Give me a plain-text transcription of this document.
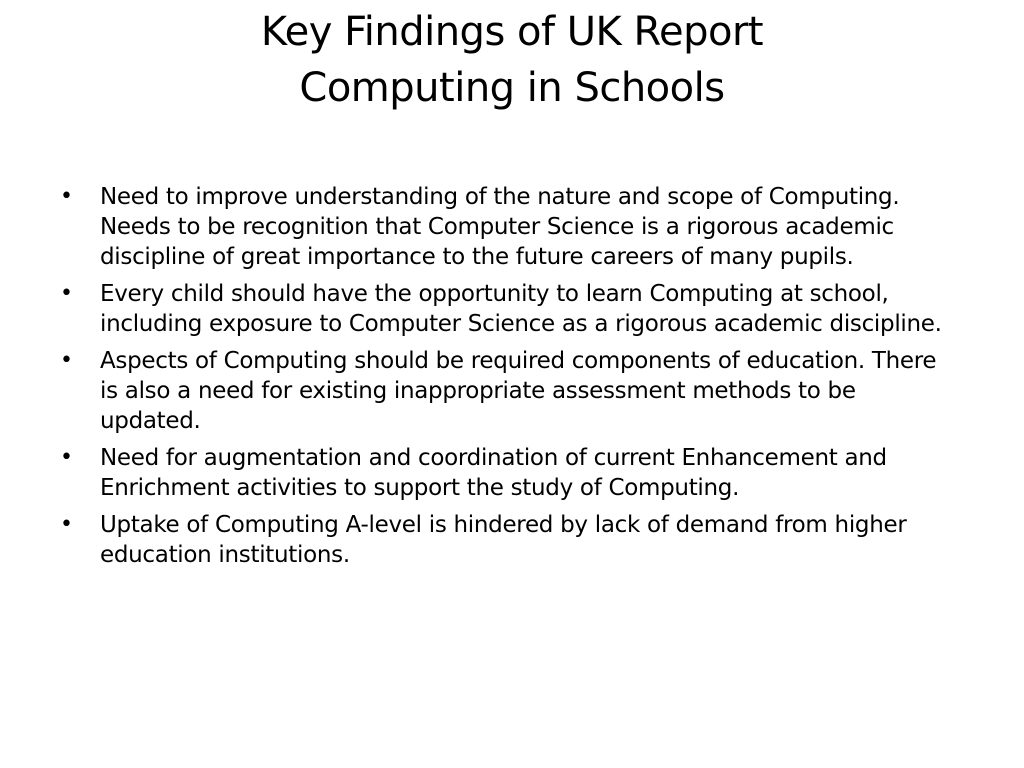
Key Findings of UK Report
Computing in Schools
•	Need to improve understanding of the nature and scope of Computing. Needs to be recognition that Computer Science is a rigorous academic discipline of great importance to the future careers of many pupils.
•	Every child should have the opportunity to learn Computing at school, including exposure to Computer Science as a rigorous academic discipline.
•	Aspects of Computing should be required components of education. There is also a need for existing inappropriate assessment methods to be updated.
•	Need for augmentation and coordination of current Enhancement and Enrichment activities to support the study of Computing.
•	Uptake of Computing A-level is hindered by lack of demand from higher education institutions.
